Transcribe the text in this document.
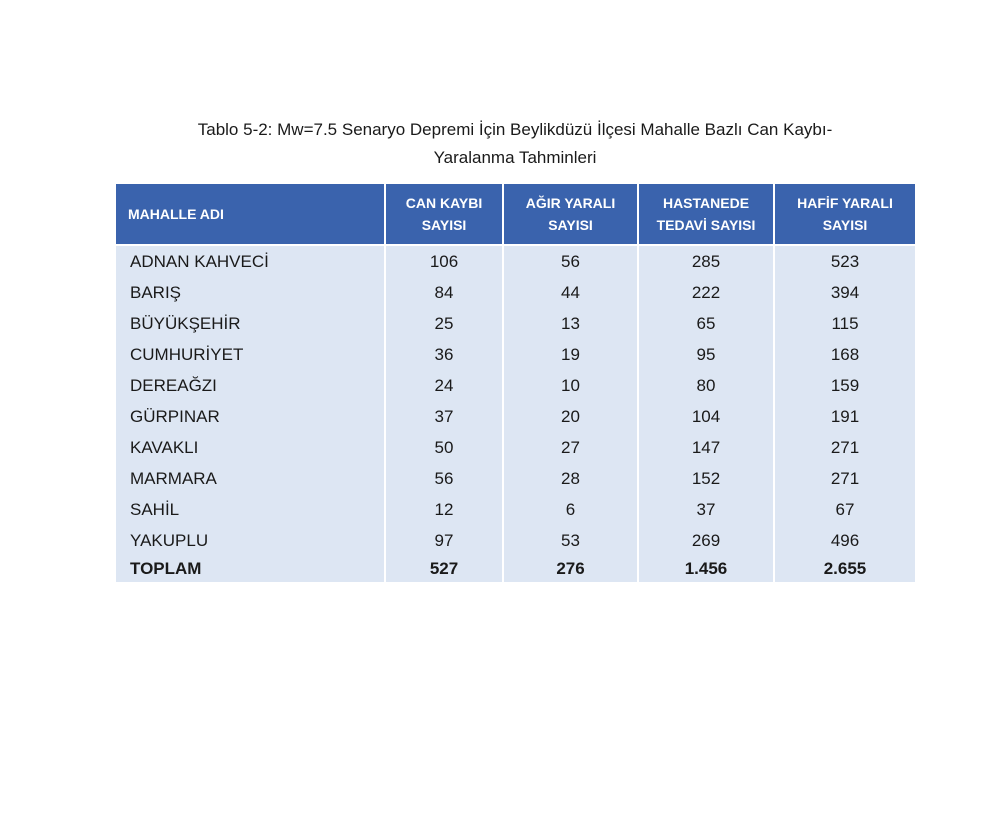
Tablo 5-2: Mw=7.5 Senaryo Depremi İçin Beylikdüzü İlçesi Mahalle Bazlı Can Kaybı-
Yaralanma Tahminleri
MAHALLE ADI	CAN KAYBI SAYISI	AĞIR YARALI SAYISI	HASTANEDE TEDAVİ SAYISI	HAFİF YARALI SAYISI
ADNAN KAHVECİ	106	56	285	523
BARIŞ	84	44	222	394
BÜYÜKŞEHİR	25	13	65	115
CUMHURİYET	36	19	95	168
DEREAĞZI	24	10	80	159
GÜRPINAR	37	20	104	191
KAVAKLI	50	27	147	271
MARMARA	56	28	152	271
SAHİL	12	6	37	67
YAKUPLU	97	53	269	496
TOPLAM	527	276	1.456	2.655
